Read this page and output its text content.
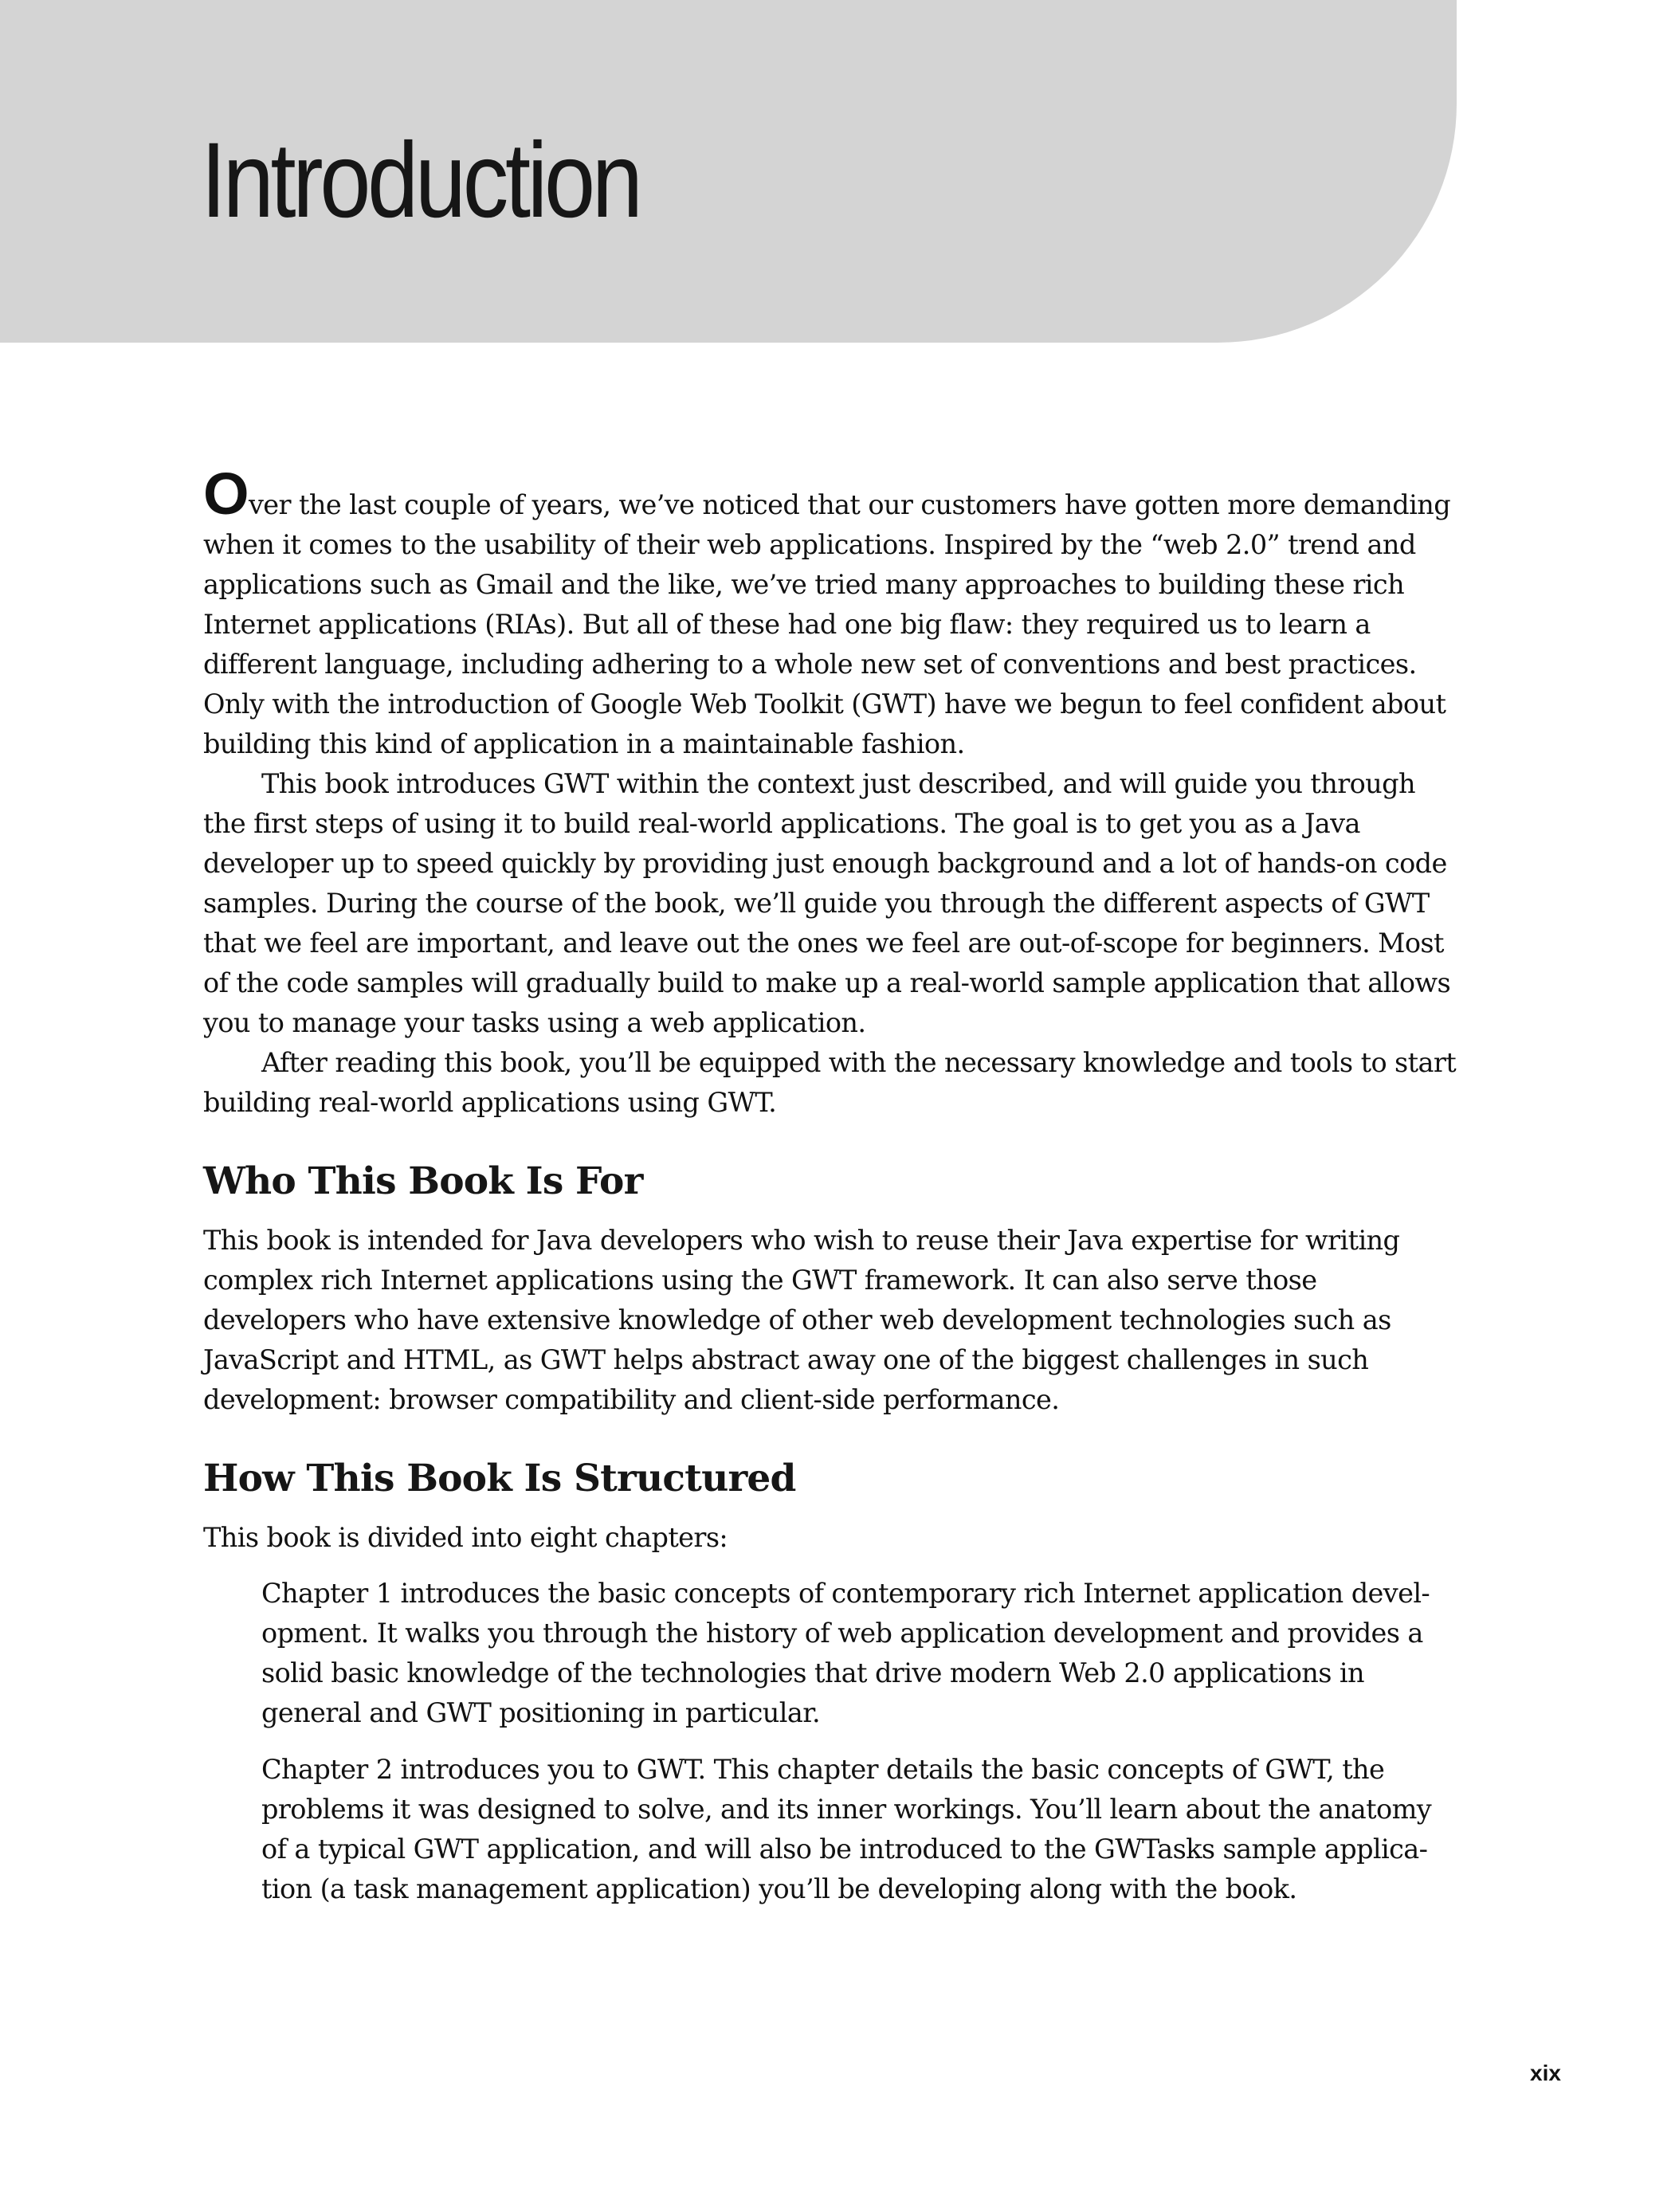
Introduction

Over the last couple of years, we’ve noticed that our customers have gotten more demanding when it comes to the usability of their web applications. Inspired by the “web 2.0” trend and applications such as Gmail and the like, we’ve tried many approaches to building these rich Internet applications (RIAs). But all of these had one big flaw: they required us to learn a different language, including adhering to a whole new set of conventions and best practices. Only with the introduction of Google Web Toolkit (GWT) have we begun to feel confident about building this kind of application in a maintainable fashion.

This book introduces GWT within the context just described, and will guide you through the first steps of using it to build real-world applications. The goal is to get you as a Java developer up to speed quickly by providing just enough background and a lot of hands-on code samples. During the course of the book, we’ll guide you through the different aspects of GWT that we feel are important, and leave out the ones we feel are out-of-scope for beginners. Most of the code samples will gradually build to make up a real-world sample application that allows you to manage your tasks using a web application.

After reading this book, you’ll be equipped with the necessary knowledge and tools to start building real-world applications using GWT.

Who This Book Is For

This book is intended for Java developers who wish to reuse their Java expertise for writing complex rich Internet applications using the GWT framework. It can also serve those developers who have extensive knowledge of other web development technologies such as JavaScript and HTML, as GWT helps abstract away one of the biggest challenges in such development: browser compatibility and client-side performance.

How This Book Is Structured

This book is divided into eight chapters:

Chapter 1 introduces the basic concepts of contemporary rich Internet application devel-opment. It walks you through the history of web application development and provides a solid basic knowledge of the technologies that drive modern Web 2.0 applications in general and GWT positioning in particular.
Chapter 2 introduces you to GWT. This chapter details the basic concepts of GWT, the problems it was designed to solve, and its inner workings. You’ll learn about the anatomy of a typical GWT application, and will also be introduced to the GWTasks sample applica-tion (a task management application) you’ll be developing along with the book.
xix
